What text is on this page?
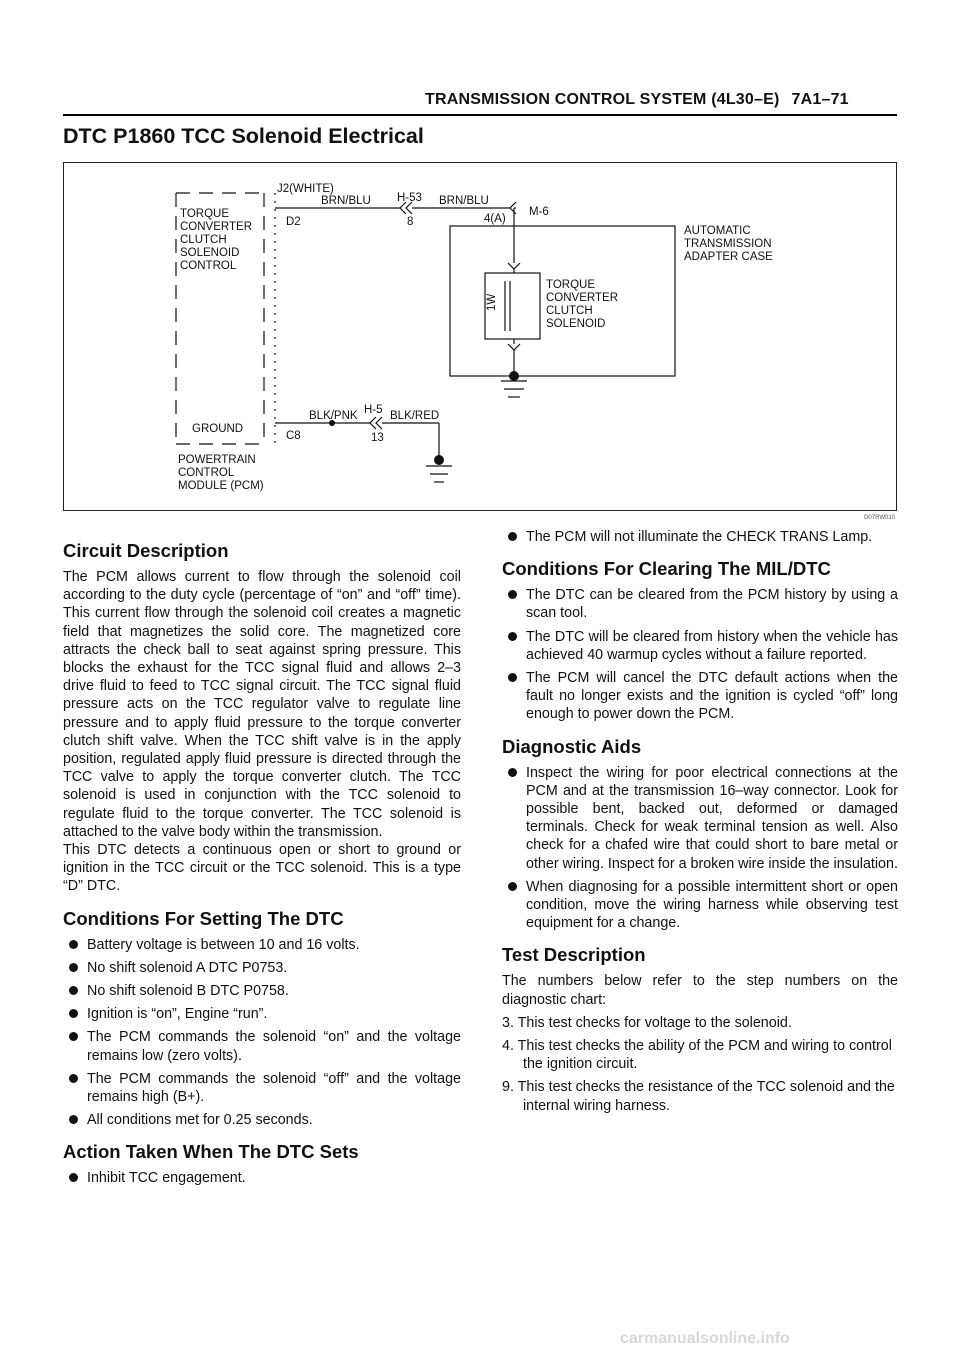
TRANSMISSION CONTROL SYSTEM (4L30–E) 7A1–71
DTC P1860 TCC Solenoid Electrical
1W
TORQUE
CONVERTER
CLUTCH
SOLENOID
CONTROL
GROUND
POWERTRAIN
CONTROL
MODULE (PCM)
J2(WHITE)
BRN/BLU
D2
H-53
8
BRN/BLU
4(A)
M-6
AUTOMATIC
TRANSMISSION
ADAPTER CASE
TORQUE
CONVERTER
CLUTCH
SOLENOID
BLK/PNK H-5 BLK/RED
C8	13
D07RW010
Circuit Description

The PCM allows current to flow through the solenoid coil according to the duty cycle (percentage of “on” and “off” time). This current flow through the solenoid coil creates a magnetic field that magnetizes the solid core. The magnetized core attracts the check ball to seat against spring pressure. This blocks the exhaust for the TCC signal fluid and allows 2–3 drive fluid to feed to TCC signal circuit. The TCC signal fluid pressure acts on the TCC regulator valve to regulate line pressure and to apply fluid pressure to the torque converter clutch shift valve. When the TCC shift valve is in the apply position, regulated apply fluid pressure is directed through the TCC valve to apply the torque converter clutch. The TCC solenoid is used in conjunction with the TCC solenoid to regulate fluid to the torque converter. The TCC solenoid is attached to the valve body within the transmission.

This DTC detects a continuous open or short to ground or ignition in the TCC circuit or the TCC solenoid. This is a type “D” DTC.

Conditions For Setting The DTC
Battery voltage is between 10 and 16 volts.
No shift solenoid A DTC P0753.
No shift solenoid B DTC P0758.
Ignition is “on”, Engine “run”.
The PCM commands the solenoid “on” and the voltage remains low (zero volts).
The PCM commands the solenoid “off” and the voltage remains high (B+).
All conditions met for 0.25 seconds.
Action Taken When The DTC Sets
Inhibit TCC engagement.
The PCM will not illuminate the CHECK TRANS Lamp.
Conditions For Clearing The MIL/DTC
The DTC can be cleared from the PCM history by using a scan tool.
The DTC will be cleared from history when the vehicle has achieved 40 warmup cycles without a failure reported.
The PCM will cancel the DTC default actions when the fault no longer exists and the ignition is cycled “off” long enough to power down the PCM.
Diagnostic Aids
Inspect the wiring for poor electrical connections at the PCM and at the transmission 16–way connector. Look for possible bent, backed out, deformed or damaged terminals. Check for weak terminal tension as well. Also check for a chafed wire that could short to bare metal or other wiring. Inspect for a broken wire inside the insulation.
When diagnosing for a possible intermittent short or open condition, move the wiring harness while observing test equipment for a change.
Test Description

The numbers below refer to the step numbers on the diagnostic chart:

3. This test checks for voltage to the solenoid.
4. This test checks the ability of the PCM and wiring to control the ignition circuit.
9. This test checks the resistance of the TCC solenoid and the internal wiring harness.
carmanualsonline.info
